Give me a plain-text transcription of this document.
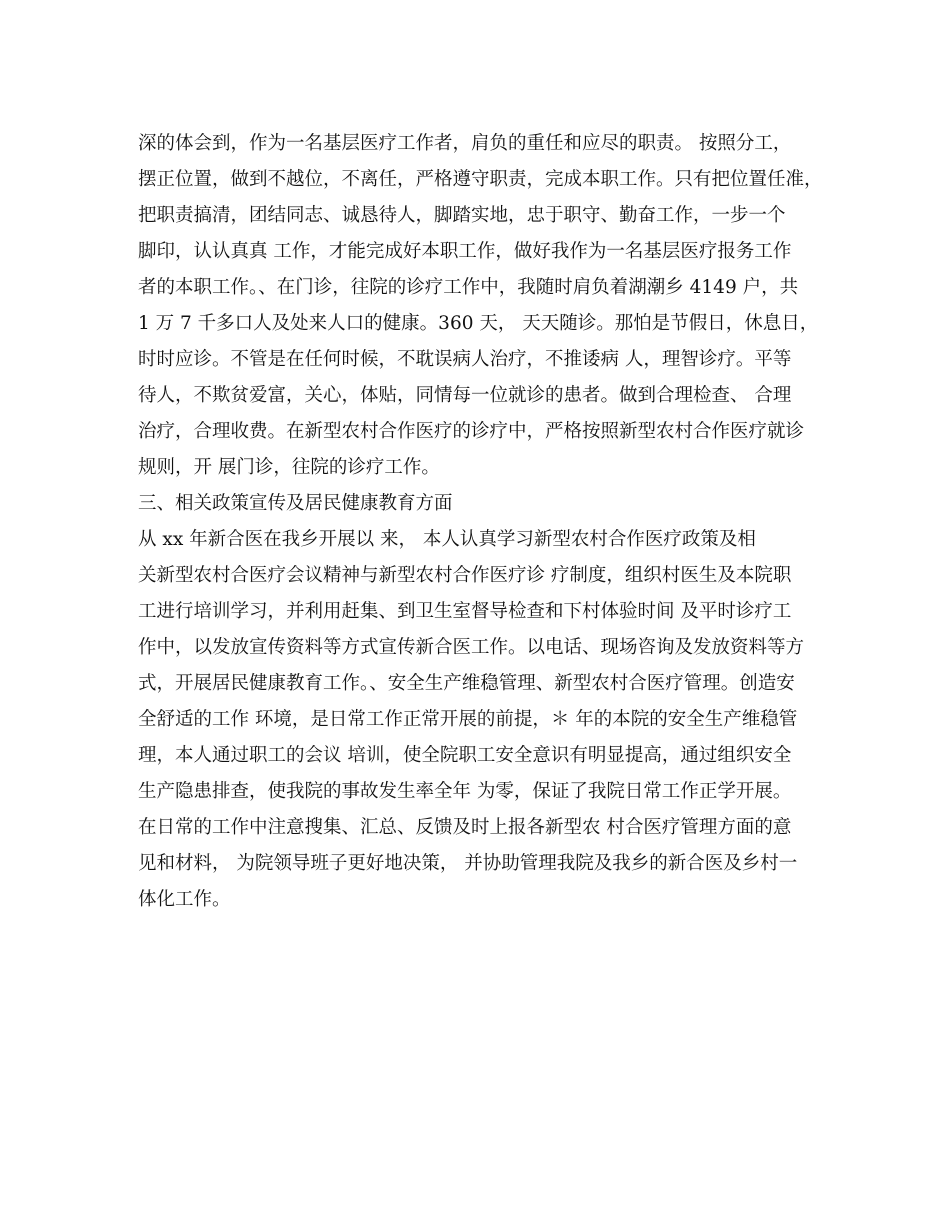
深的体会到，作为一名基层医疗工作者，肩负的重任和应尽的职责。 按照分工，
摆正位置，做到不越位，不离任，严格遵守职责，完成本职工作。只有把位置任准，
把职责搞清，团结同志、诚恳待人，脚踏实地，忠于职守、勤奋工作，一步一个
脚印，认认真真 工作，才能完成好本职工作，做好我作为一名基层医疗报务工作
者的本职工作。、在门诊，往院的诊疗工作中，我随时肩负着湖潮乡 4149 户，共
1 万 7 千多口人及处来人口的健康。360 天， 天天随诊。那怕是节假日，休息日，
时时应诊。不管是在任何时候，不耽误病人治疗，不推诿病 人，理智诊疗。平等
待人，不欺贫爱富，关心，体贴，同情每一位就诊的患者。做到合理检查、 合理
治疗，合理收费。在新型农村合作医疗的诊疗中，严格按照新型农村合作医疗就诊
规则，开 展门诊，往院的诊疗工作。
三、相关政策宣传及居民健康教育方面
从 xx 年新合医在我乡开展以 来， 本人认真学习新型农村合作医疗政策及相
关新型农村合医疗会议精神与新型农村合作医疗诊 疗制度，组织村医生及本院职
工进行培训学习，并利用赶集、到卫生室督导检查和下村体验时间 及平时诊疗工
作中，以发放宣传资料等方式宣传新合医工作。以电话、现场咨询及发放资料等方
式，开展居民健康教育工作。、安全生产维稳管理、新型农村合医疗管理。创造安
全舒适的工作 环境，是日常工作正常开展的前提，＊ 年的本院的安全生产维稳管
理，本人通过职工的会议 培训，使全院职工安全意识有明显提高，通过组织安全
生产隐患排查，使我院的事故发生率全年 为零，保证了我院日常工作正学开展。
在日常的工作中注意搜集、汇总、反馈及时上报各新型农 村合医疗管理方面的意
见和材料， 为院领导班子更好地决策， 并协助管理我院及我乡的新合医及乡村一
体化工作。
